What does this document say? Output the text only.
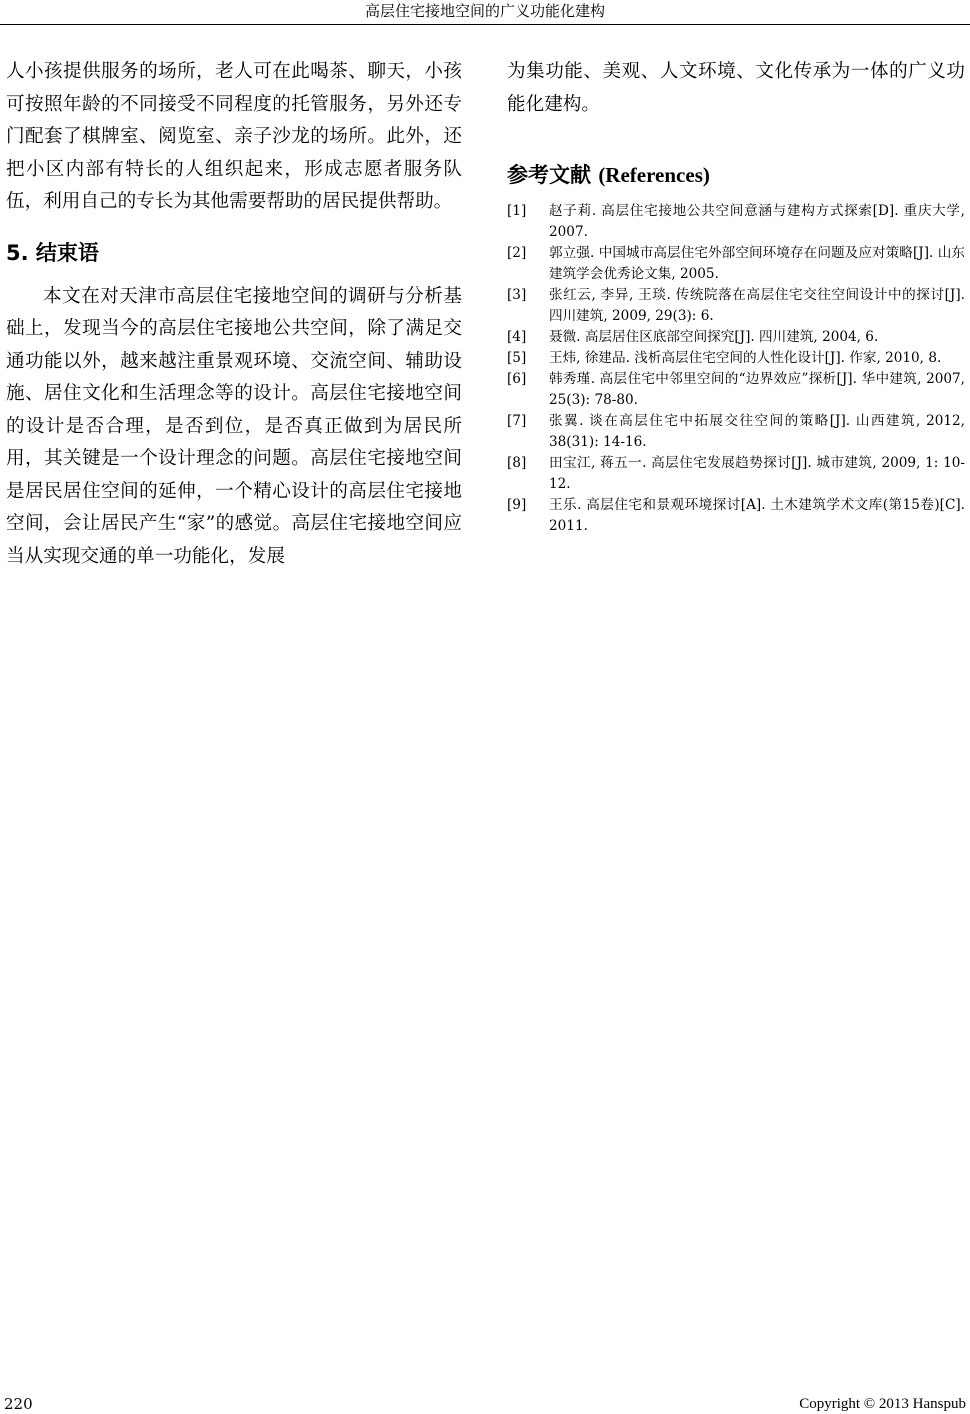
高层住宅接地空间的广义功能化建构

人小孩提供服务的场所，老人可在此喝茶、聊天，小孩可按照年龄的不同接受不同程度的托管服务，另外还专门配套了棋牌室、阅览室、亲子沙龙的场所。此外，还把小区内部有特长的人组织起来，形成志愿者服务队伍，利用自己的专长为其他需要帮助的居民提供帮助。

5. 结束语

本文在对天津市高层住宅接地空间的调研与分析基础上，发现当今的高层住宅接地公共空间，除了满足交通功能以外，越来越注重景观环境、交流空间、辅助设施、居住文化和生活理念等的设计。高层住宅接地空间的设计是否合理，是否到位，是否真正做到为居民所用，其关键是一个设计理念的问题。高层住宅接地空间是居民居住空间的延伸，一个精心设计的高层住宅接地空间，会让居民产生“家”的感觉。高层住宅接地空间应当从实现交通的单一功能化，发展

为集功能、美观、人文环境、文化传承为一体的广义功能化建构。

参考文献 (References)
[1]	赵子莉. 高层住宅接地公共空间意涵与建构方式探索[D]. 重庆大学, 2007.
[2]	郭立强. 中国城市高层住宅外部空间环境存在问题及应对策略[J]. 山东建筑学会优秀论文集, 2005.
[3]	张红云, 李异, 王琰. 传统院落在高层住宅交往空间设计中的探讨[J]. 四川建筑, 2009, 29(3): 6.
[4]	聂微. 高层居住区底部空间探究[J]. 四川建筑, 2004, 6.
[5]	王炜, 徐建品. 浅析高层住宅空间的人性化设计[J]. 作家, 2010, 8.
[6]	韩秀瑾. 高层住宅中邻里空间的“边界效应”探析[J]. 华中建筑, 2007, 25(3): 78-80.
[7]	张翼. 谈在高层住宅中拓展交往空间的策略[J]. 山西建筑, 2012, 38(31): 14-16.
[8]	田宝江, 蒋五一. 高层住宅发展趋势探讨[J]. 城市建筑, 2009, 1: 10-12.
[9]	王乐. 高层住宅和景观环境探讨[A]. 土木建筑学术文库(第15卷)[C]. 2011.
220	Copyright © 2013 Hanspub
